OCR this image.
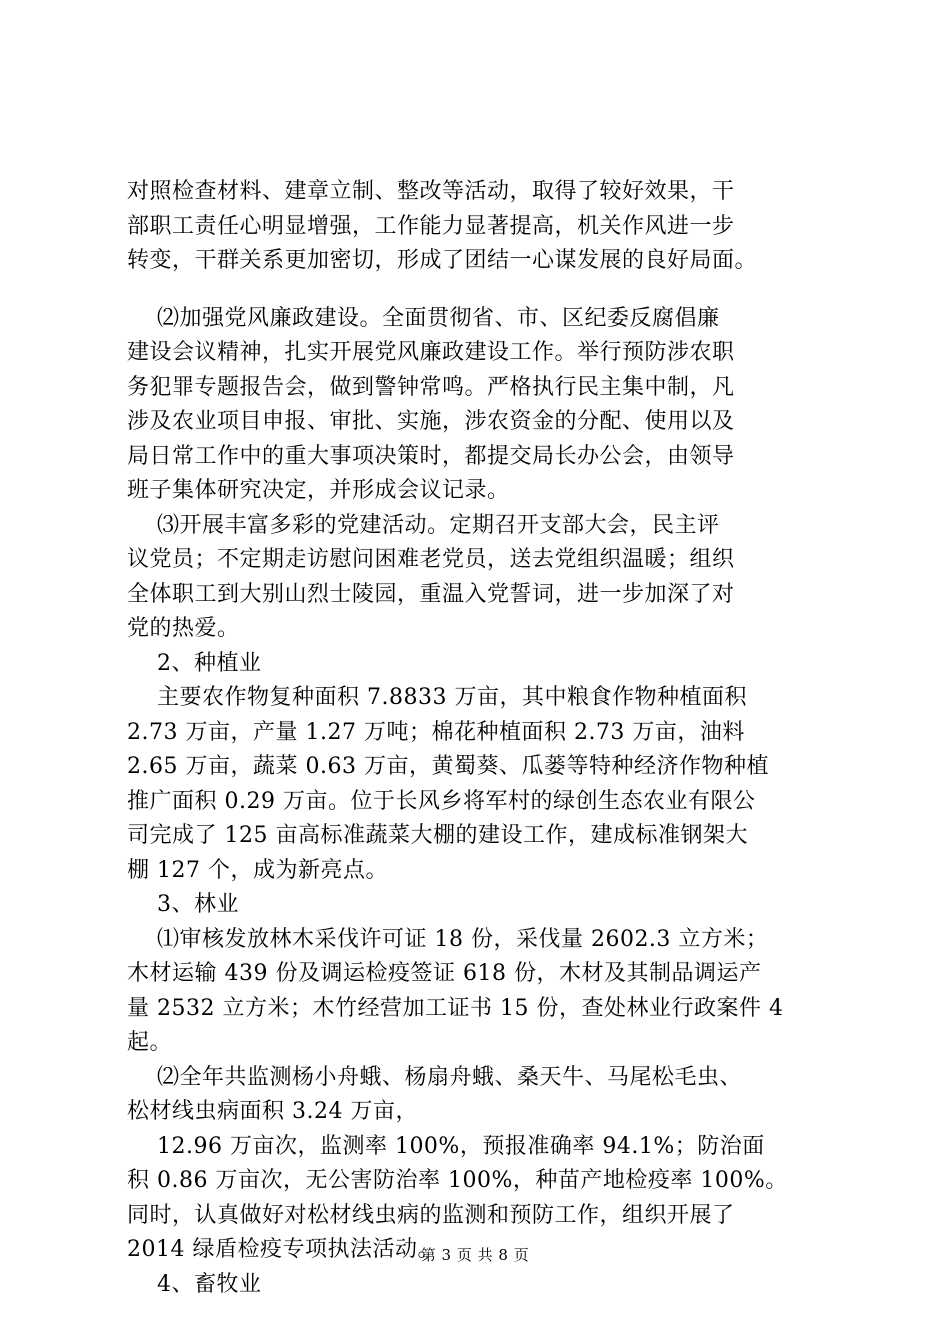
对照检查材料、建章立制、整改等活动，取得了较好效果，干
部职工责任心明显增强，工作能力显著提高，机关作风进一步
转变，干群关系更加密切，形成了团结一心谋发展的良好局面。
⑵加强党风廉政建设。全面贯彻省、市、区纪委反腐倡廉
建设会议精神，扎实开展党风廉政建设工作。举行预防涉农职
务犯罪专题报告会，做到警钟常鸣。严格执行民主集中制，凡
涉及农业项目申报、审批、实施，涉农资金的分配、使用以及
局日常工作中的重大事项决策时，都提交局长办公会，由领导
班子集体研究决定，并形成会议记录。
⑶开展丰富多彩的党建活动。定期召开支部大会，民主评
议党员；不定期走访慰问困难老党员，送去党组织温暖；组织
全体职工到大别山烈士陵园，重温入党誓词，进一步加深了对
党的热爱。
2、种植业
主要农作物复种面积 7.8833 万亩，其中粮食作物种植面积
2.73 万亩，产量 1.27 万吨；棉花种植面积 2.73 万亩，油料
2.65 万亩，蔬菜 0.63 万亩，黄蜀葵、瓜蒌等特种经济作物种植
推广面积 0.29 万亩。位于长风乡将军村的绿创生态农业有限公
司完成了 125 亩高标准蔬菜大棚的建设工作，建成标准钢架大
棚 127 个，成为新亮点。
3、林业
⑴审核发放林木采伐许可证 18 份，采伐量 2602.3 立方米；
木材运输 439 份及调运检疫签证 618 份，木材及其制品调运产
量 2532 立方米；木竹经营加工证书 15 份，查处林业行政案件 4
起。
⑵全年共监测杨小舟蛾、杨扇舟蛾、桑天牛、马尾松毛虫、
松材线虫病面积 3.24 万亩，
12.96 万亩次，监测率 100%，预报准确率 94.1%；防治面
积 0.86 万亩次，无公害防治率 100%，种苗产地检疫率 100%。
同时，认真做好对松材线虫病的监测和预防工作，组织开展了
2014 绿盾检疫专项执法活动。
4、畜牧业
第 3 页 共 8 页
